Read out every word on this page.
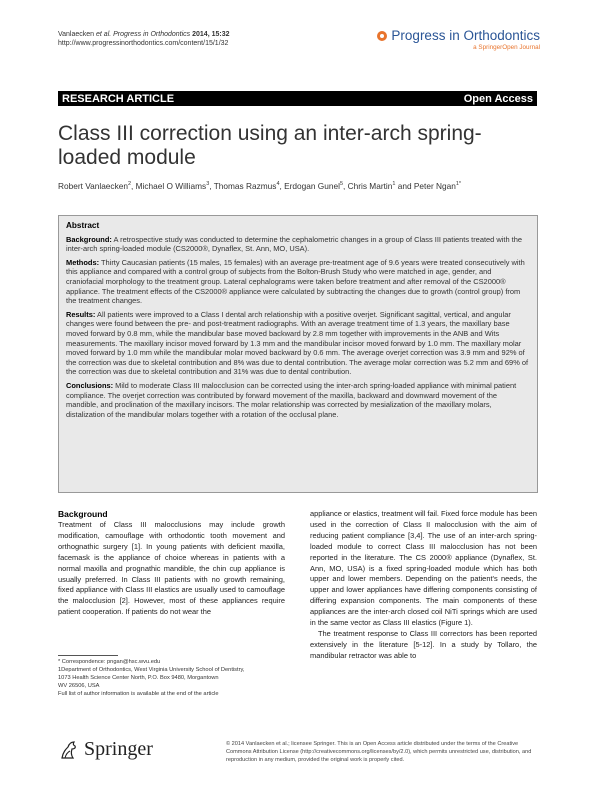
Vanlaecken et al. Progress in Orthodontics 2014, 15:32
http://www.progressinorthodontics.com/content/15/1/32
Progress in Orthodontics
a SpringerOpen Journal
RESEARCH ARTICLE	Open Access
Class III correction using an inter-arch spring-loaded module
Robert Vanlaecken$^2$, Michael O Williams$^3$, Thomas Razmus$^4$, Erdogan Gunel$^5$, Chris Martin$^1$ and Peter Ngan$^{1*}$
Abstract

Background: A retrospective study was conducted to determine the cephalometric changes in a group of Class III patients treated with the inter-arch spring-loaded module (CS2000®, Dynaflex, St. Ann, MO, USA).

Methods: Thirty Caucasian patients (15 males, 15 females) with an average pre-treatment age of 9.6 years were treated consecutively with this appliance and compared with a control group of subjects from the Bolton-Brush Study who were matched in age, gender, and craniofacial morphology to the treatment group. Lateral cephalograms were taken before treatment and after removal of the CS2000® appliance. The treatment effects of the CS2000® appliance were calculated by subtracting the changes due to growth (control group) from the treatment changes.

Results: All patients were improved to a Class I dental arch relationship with a positive overjet. Significant sagittal, vertical, and angular changes were found between the pre- and post-treatment radiographs. With an average treatment time of 1.3 years, the maxillary base moved forward by 0.8 mm, while the mandibular base moved backward by 2.8 mm together with improvements in the ANB and Wits measurements. The maxillary incisor moved forward by 1.3 mm and the mandibular incisor moved forward by 1.0 mm. The maxillary molar moved forward by 1.0 mm while the mandibular molar moved backward by 0.6 mm. The average overjet correction was 3.9 mm and 92% of the correction was due to skeletal contribution and 8% was due to dental contribution. The average molar correction was 5.2 mm and 69% of the correction was due to skeletal contribution and 31% was due to dental contribution.

Conclusions: Mild to moderate Class III malocclusion can be corrected using the inter-arch spring-loaded appliance with minimal patient compliance. The overjet correction was contributed by forward movement of the maxilla, backward and downward movement of the mandible, and proclination of the maxillary incisors. The molar relationship was corrected by mesialization of the maxillary molars, distalization of the mandibular molars together with a rotation of the occlusal plane.

Background

Treatment of Class III malocclusions may include growth modification, camouflage with orthodontic tooth movement and orthognathic surgery [1]. In young patients with deficient maxilla, facemask is the appliance of choice whereas in patients with a normal maxilla and prognathic mandible, the chin cup appliance is usually preferred. In Class III patients with no growth remaining, fixed appliance with Class III elastics are usually used to camouflage the malocclusion [2]. However, most of these appliances require patient cooperation. If patients do not wear the

appliance or elastics, treatment will fail. Fixed force module has been used in the correction of Class II malocclusion with the aim of reducing patient compliance [3,4]. The use of an inter-arch spring-loaded module to correct Class III malocclusion has not been reported in the literature. The CS 2000® appliance (Dynaflex, St. Ann, MO, USA) is a fixed spring-loaded module which has both upper and lower members. Depending on the patient's needs, the upper and lower appliances have differing components consisting of differing expansion components. The main components of these appliances are the inter-arch closed coil NiTi springs which are used in the same vector as Class III elastics (Figure 1).

The treatment response to Class III correctors has been reported extensively in the literature [5-12]. In a study by Tollaro, the mandibular retractor was able to

* Correspondence: pngan@hsc.wvu.edu
1Department of Orthodontics, West Virginia University School of Dentistry,
1073 Health Science Center North, P.O. Box 9480, Morgantown
WV 26506, USA
Full list of author information is available at the end of the article
Springer	© 2014 Vanlaecken et al.; licensee Springer. This is an Open Access article distributed under the terms of the Creative Commons Attribution License (http://creativecommons.org/licenses/by/2.0), which permits unrestricted use, distribution, and reproduction in any medium, provided the original work is properly cited.
